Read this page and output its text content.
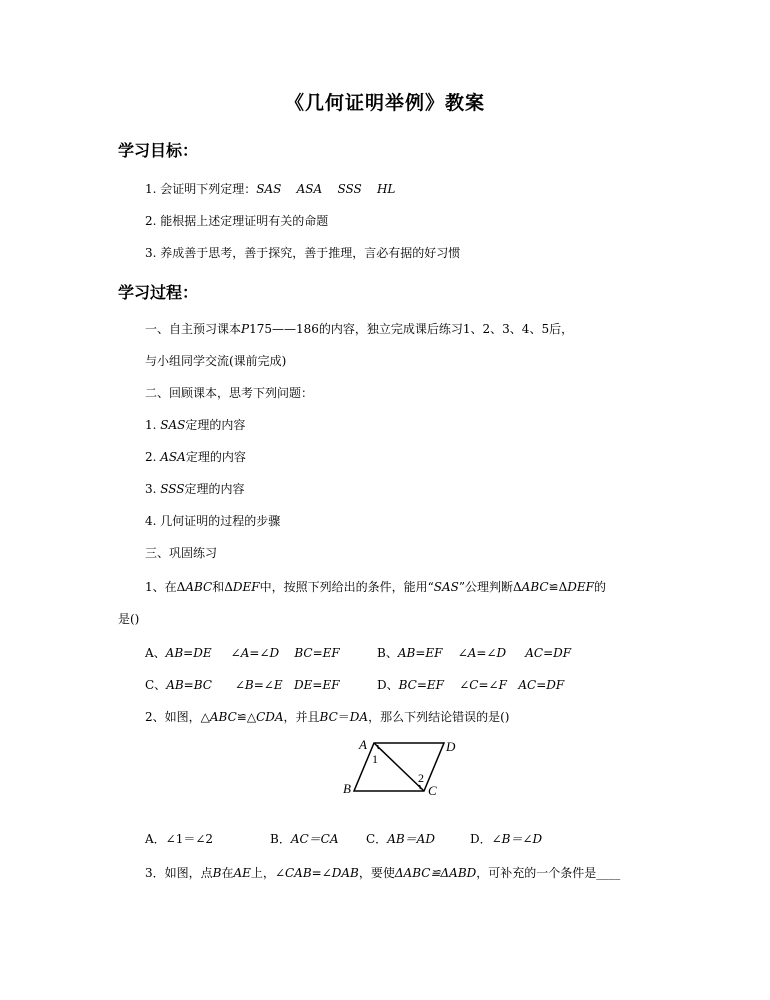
《几何证明举例》教案
学习目标：
1. 会证明下列定理：SAS    ASA    SSS    HL
2. 能根据上述定理证明有关的命题
3. 养成善于思考，善于探究，善于推理，言必有据的好习惯
学习过程：
一、自主预习课本P175——186的内容，独立完成课后练习1、2、3、4、5后，
与小组同学交流(课前完成)
二、回顾课本，思考下列问题：
1. SAS定理的内容
2. ASA定理的内容
3. SSS定理的内容
4. 几何证明的过程的步骤
三、巩固练习
1、在ΔABC和ΔDEF中，按照下列给出的条件，能用“SAS”公理判断ΔABC≌ΔDEF的
是()
A、AB=DE     ∠A=∠D    BC=EF	B、AB=EF    ∠A=∠D     AC=DF
C、AB=BC      ∠B=∠E   DE=EF	D、BC=EF    ∠C=∠F   AC=DF
2、如图，△ABC≌△CDA，并且BC＝DA，那么下列结论错误的是()
A	D
B	C
1
2
A．∠1＝∠2	B．AC＝CA C．AB＝AD	D．∠B＝∠D
3．如图，点B在AE上，∠CAB=∠DAB，要使ΔABC≌ΔABD，可补充的一个条件是____
